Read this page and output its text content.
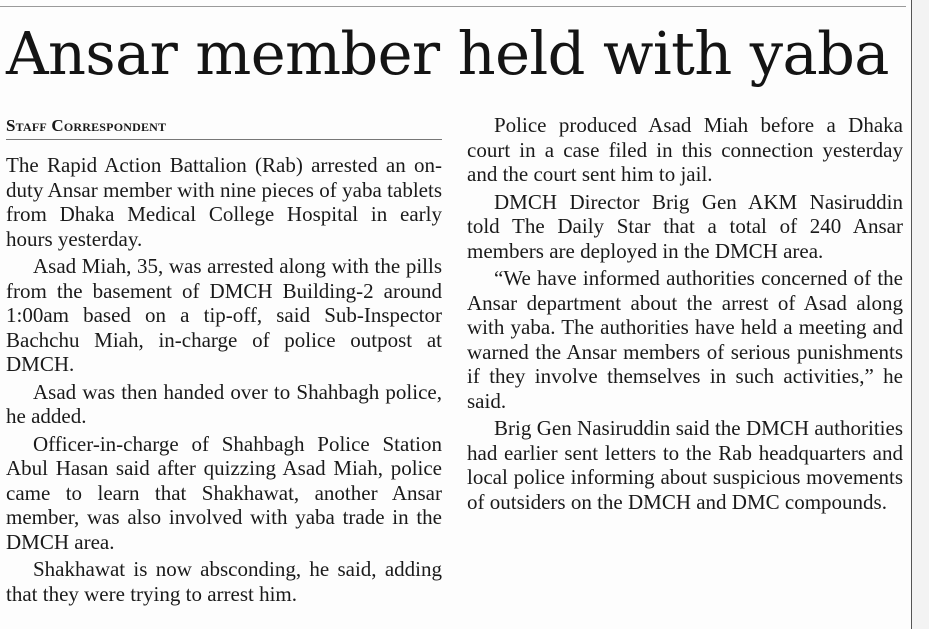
Ansar member held with yaba
Staff Correspondent

The Rapid Action Battalion (Rab) arrested an on-duty Ansar member with nine pieces of yaba tablets from Dhaka Medical College Hospital in early hours yesterday.

Asad Miah, 35, was arrested along with the pills from the basement of DMCH Building-2 around 1:00am based on a tip-off, said Sub-Inspector Bachchu Miah, in-charge of police outpost at DMCH.

Asad was then handed over to Shahbagh police, he added.

Officer-in-charge of Shahbagh Police Station Abul Hasan said after quizzing Asad Miah, police came to learn that Shakhawat, another Ansar member, was also involved with yaba trade in the DMCH area.

Shakhawat is now absconding, he said, adding that they were trying to arrest him.

Police produced Asad Miah before a Dhaka court in a case filed in this connection yesterday and the court sent him to jail.

DMCH Director Brig Gen AKM Nasiruddin told The Daily Star that a total of 240 Ansar members are deployed in the DMCH area.

“We have informed authorities concerned of the Ansar department about the arrest of Asad along with yaba. The authorities have held a meeting and warned the Ansar members of serious punishments if they involve themselves in such activities,” he said.

Brig Gen Nasiruddin said the DMCH authorities had earlier sent letters to the Rab headquarters and local police informing about suspicious movements of outsiders on the DMCH and DMC compounds.
